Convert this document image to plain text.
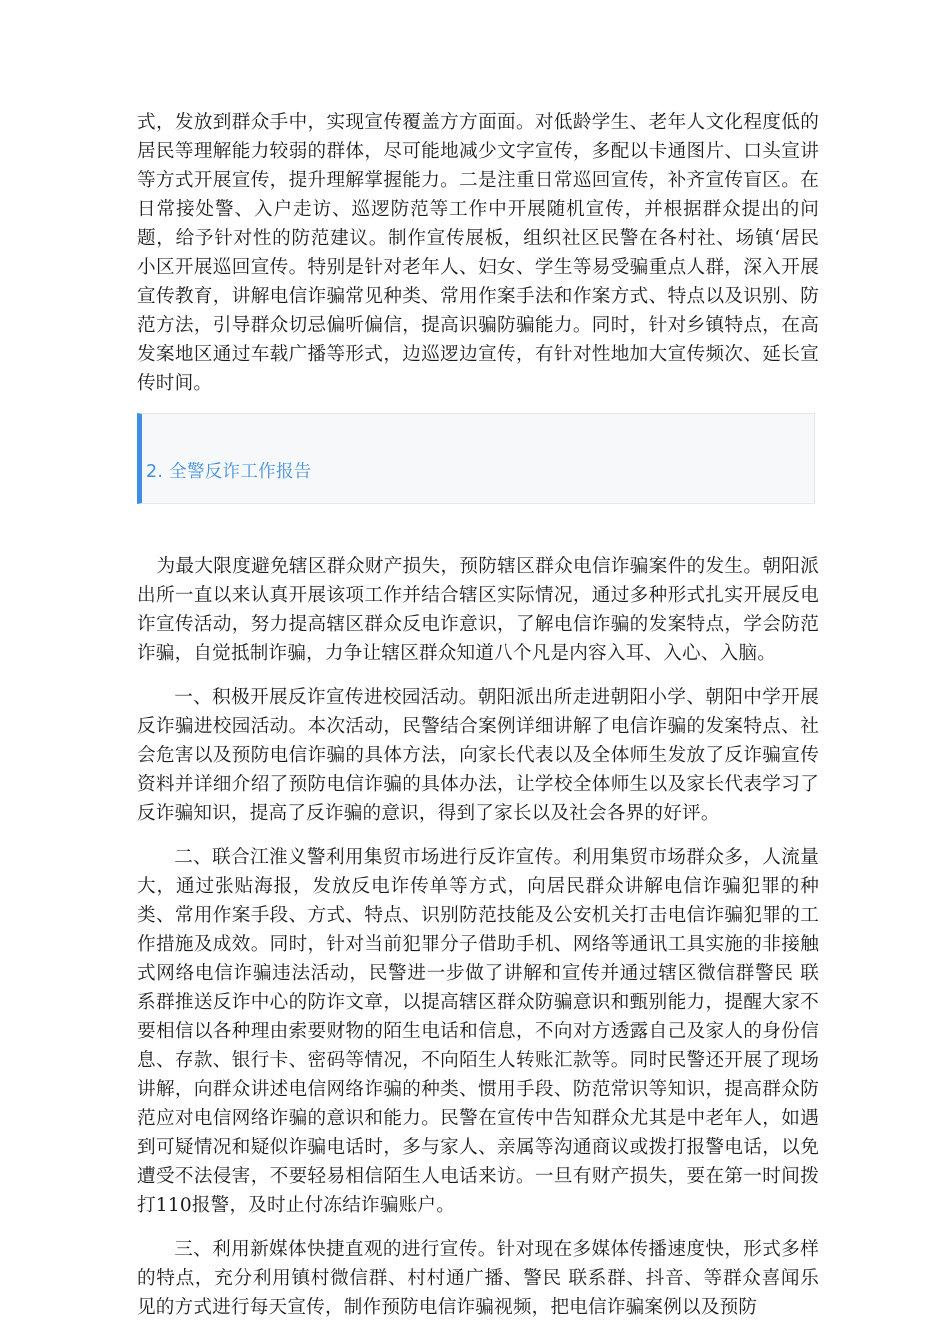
式，发放到群众手中，实现宣传覆盖方方面面。对低龄学生、老年人文化程度低的居民等理解能力较弱的群体，尽可能地减少文字宣传，多配以卡通图片、口头宣讲等方式开展宣传，提升理解掌握能力。二是注重日常巡回宣传，补齐宣传盲区。在日常接处警、入户走访、巡逻防范等工作中开展随机宣传，并根据群众提出的问题，给予针对性的防范建议。制作宣传展板，组织社区民警在各村社、场镇‘居民小区开展巡回宣传。特别是针对老年人、妇女、学生等易受骗重点人群，深入开展宣传教育，讲解电信诈骗常见种类、常用作案手法和作案方式、特点以及识别、防范方法，引导群众切忌偏听偏信，提高识骗防骗能力。同时，针对乡镇特点，在高发案地区通过车载广播等形式，边巡逻边宣传，有针对性地加大宣传频次、延长宣传时间。

2. 全警反诈工作报告

为最大限度避免辖区群众财产损失，预防辖区群众电信诈骗案件的发生。朝阳派出所一直以来认真开展该项工作并结合辖区实际情况，通过多种形式扎实开展反电诈宣传活动，努力提高辖区群众反电诈意识，了解电信诈骗的发案特点，学会防范诈骗，自觉抵制诈骗，力争让辖区群众知道八个凡是内容入耳、入心、入脑。

一、积极开展反诈宣传进校园活动。朝阳派出所走进朝阳小学、朝阳中学开展反诈骗进校园活动。本次活动，民警结合案例详细讲解了电信诈骗的发案特点、社会危害以及预防电信诈骗的具体方法，向家长代表以及全体师生发放了反诈骗宣传资料并详细介绍了预防电信诈骗的具体办法，让学校全体师生以及家长代表学习了反诈骗知识，提高了反诈骗的意识，得到了家长以及社会各界的好评。

二、联合江淮义警利用集贸市场进行反诈宣传。利用集贸市场群众多，人流量大，通过张贴海报，发放反电诈传单等方式，向居民群众讲解电信诈骗犯罪的种类、常用作案手段、方式、特点、识别防范技能及公安机关打击电信诈骗犯罪的工作措施及成效。同时，针对当前犯罪分子借助手机、网络等通讯工具实施的非接触式网络电信诈骗违法活动，民警进一步做了讲解和宣传并通过辖区微信群警民 联系群推送反诈中心的防诈文章，以提高辖区群众防骗意识和甄别能力，提醒大家不要相信以各种理由索要财物的陌生电话和信息，不向对方透露自己及家人的身份信息、存款、银行卡、密码等情况，不向陌生人转账汇款等。同时民警还开展了现场讲解，向群众讲述电信网络诈骗的种类、惯用手段、防范常识等知识，提高群众防范应对电信网络诈骗的意识和能力。民警在宣传中告知群众尤其是中老年人，如遇到可疑情况和疑似诈骗电话时，多与家人、亲属等沟通商议或拨打报警电话，以免遭受不法侵害，不要轻易相信陌生人电话来访。一旦有财产损失，要在第一时间拨打110报警，及时止付冻结诈骗账户。

三、利用新媒体快捷直观的进行宣传。针对现在多媒体传播速度快，形式多样的特点，充分利用镇村微信群、村村通广播、警民 联系群、抖音、等群众喜闻乐见的方式进行每天宣传，制作预防电信诈骗视频，把电信诈骗案例以及预防
